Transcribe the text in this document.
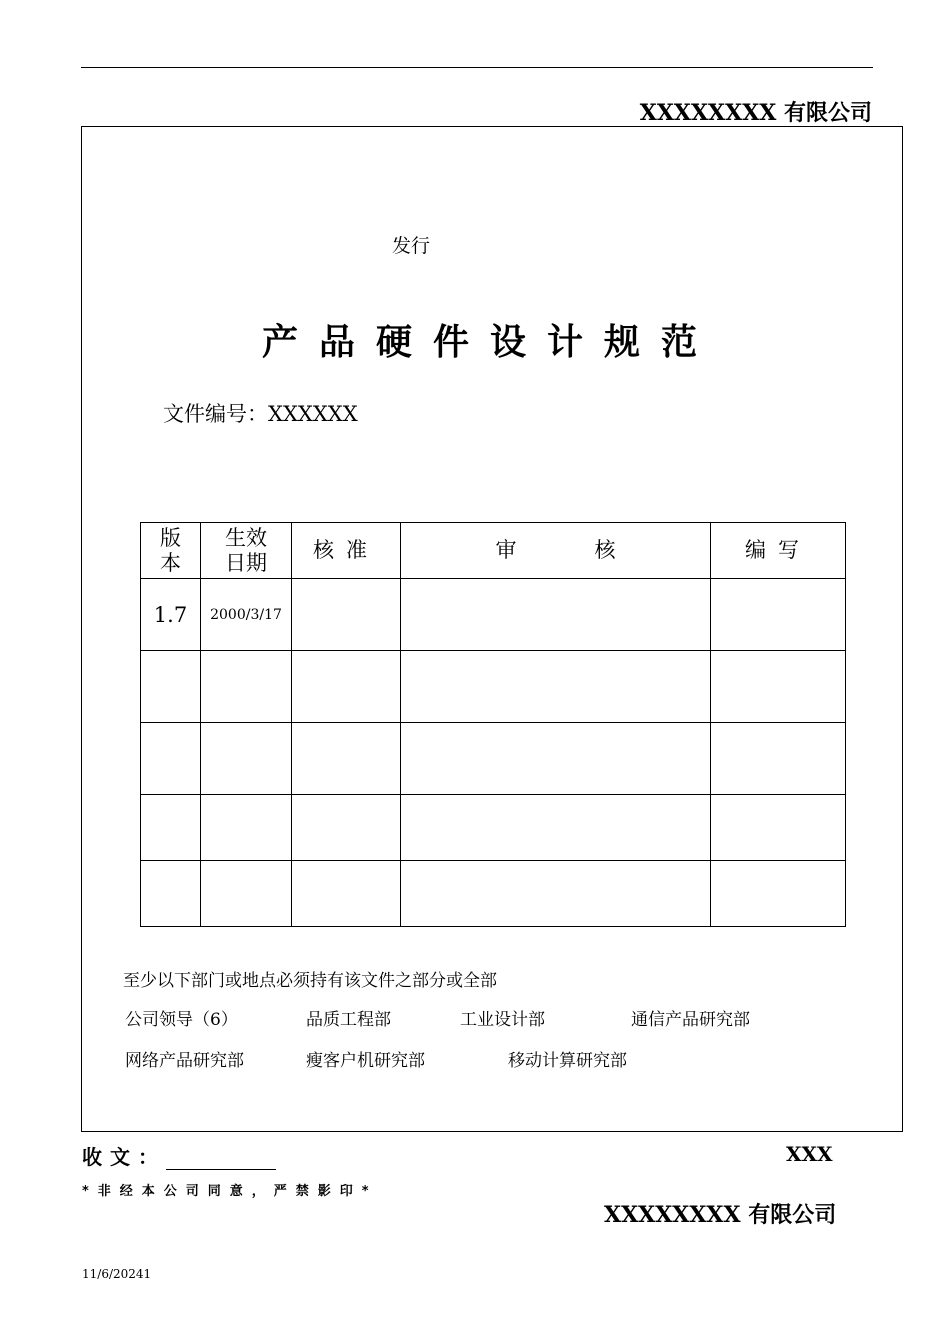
XXXXXXXX 有限公司
发行
产品硬件设计规范
文件编号：XXXXXX
版本	生效日期	核准	审核	编写
1.7	2000/3/17			

至少以下部门或地点必须持有该文件之部分或全部
公司领导（6）	品质工程部	工业设计部	通信产品研究部
网络产品研究部	瘦客户机研究部	移动计算研究部
收文：	XXX
*非经本公司同意，严禁影印*
XXXXXXXX 有限公司
11/6/20241
